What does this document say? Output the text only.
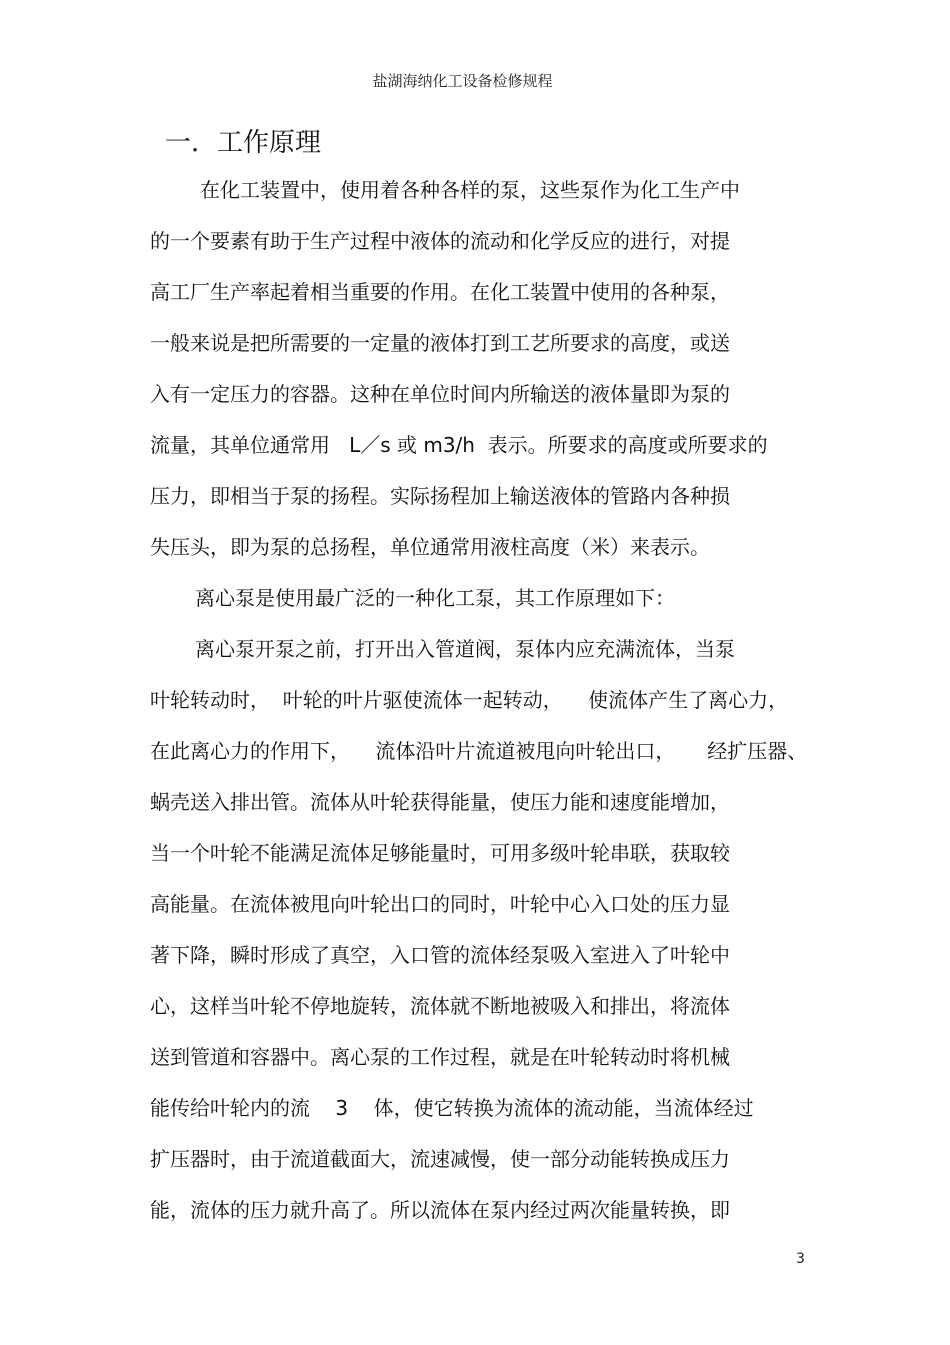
盐湖海纳化工设备检修规程
一．工作原理
在化工装置中，使用着各种各样的泵，这些泵作为化工生产中
的一个要素有助于生产过程中液体的流动和化学反应的进行，对提
高工厂生产率起着相当重要的作用。在化工装置中使用的各种泵，
一般来说是把所需要的一定量的液体打到工艺所要求的高度，或送
入有一定压力的容器。这种在单位时间内所输送的液体量即为泵的
流量，其单位通常用   L／s 或 m3/h  表示。所要求的高度或所要求的
压力，即相当于泵的扬程。实际扬程加上输送液体的管路内各种损
失压头，即为泵的总扬程，单位通常用液柱高度（米）来表示。
离心泵是使用最广泛的一种化工泵，其工作原理如下：
离心泵开泵之前，打开出入管道阀，泵体内应充满流体，当泵
叶轮转动时，  叶轮的叶片驱使流体一起转动，    使流体产生了离心力，
在此离心力的作用下，    流体沿叶片流道被甩向叶轮出口，     经扩压器、
蜗壳送入排出管。流体从叶轮获得能量，使压力能和速度能增加，
当一个叶轮不能满足流体足够能量时，可用多级叶轮串联，获取较
高能量。在流体被甩向叶轮出口的同时，叶轮中心入口处的压力显
著下降，瞬时形成了真空，入口管的流体经泵吸入室进入了叶轮中
心，这样当叶轮不停地旋转，流体就不断地被吸入和排出，将流体
送到管道和容器中。离心泵的工作过程，就是在叶轮转动时将机械
能传给叶轮内的流    3    体，使它转换为流体的流动能，当流体经过
扩压器时，由于流道截面大，流速减慢，使一部分动能转换成压力
能，流体的压力就升高了。所以流体在泵内经过两次能量转换，即
3
